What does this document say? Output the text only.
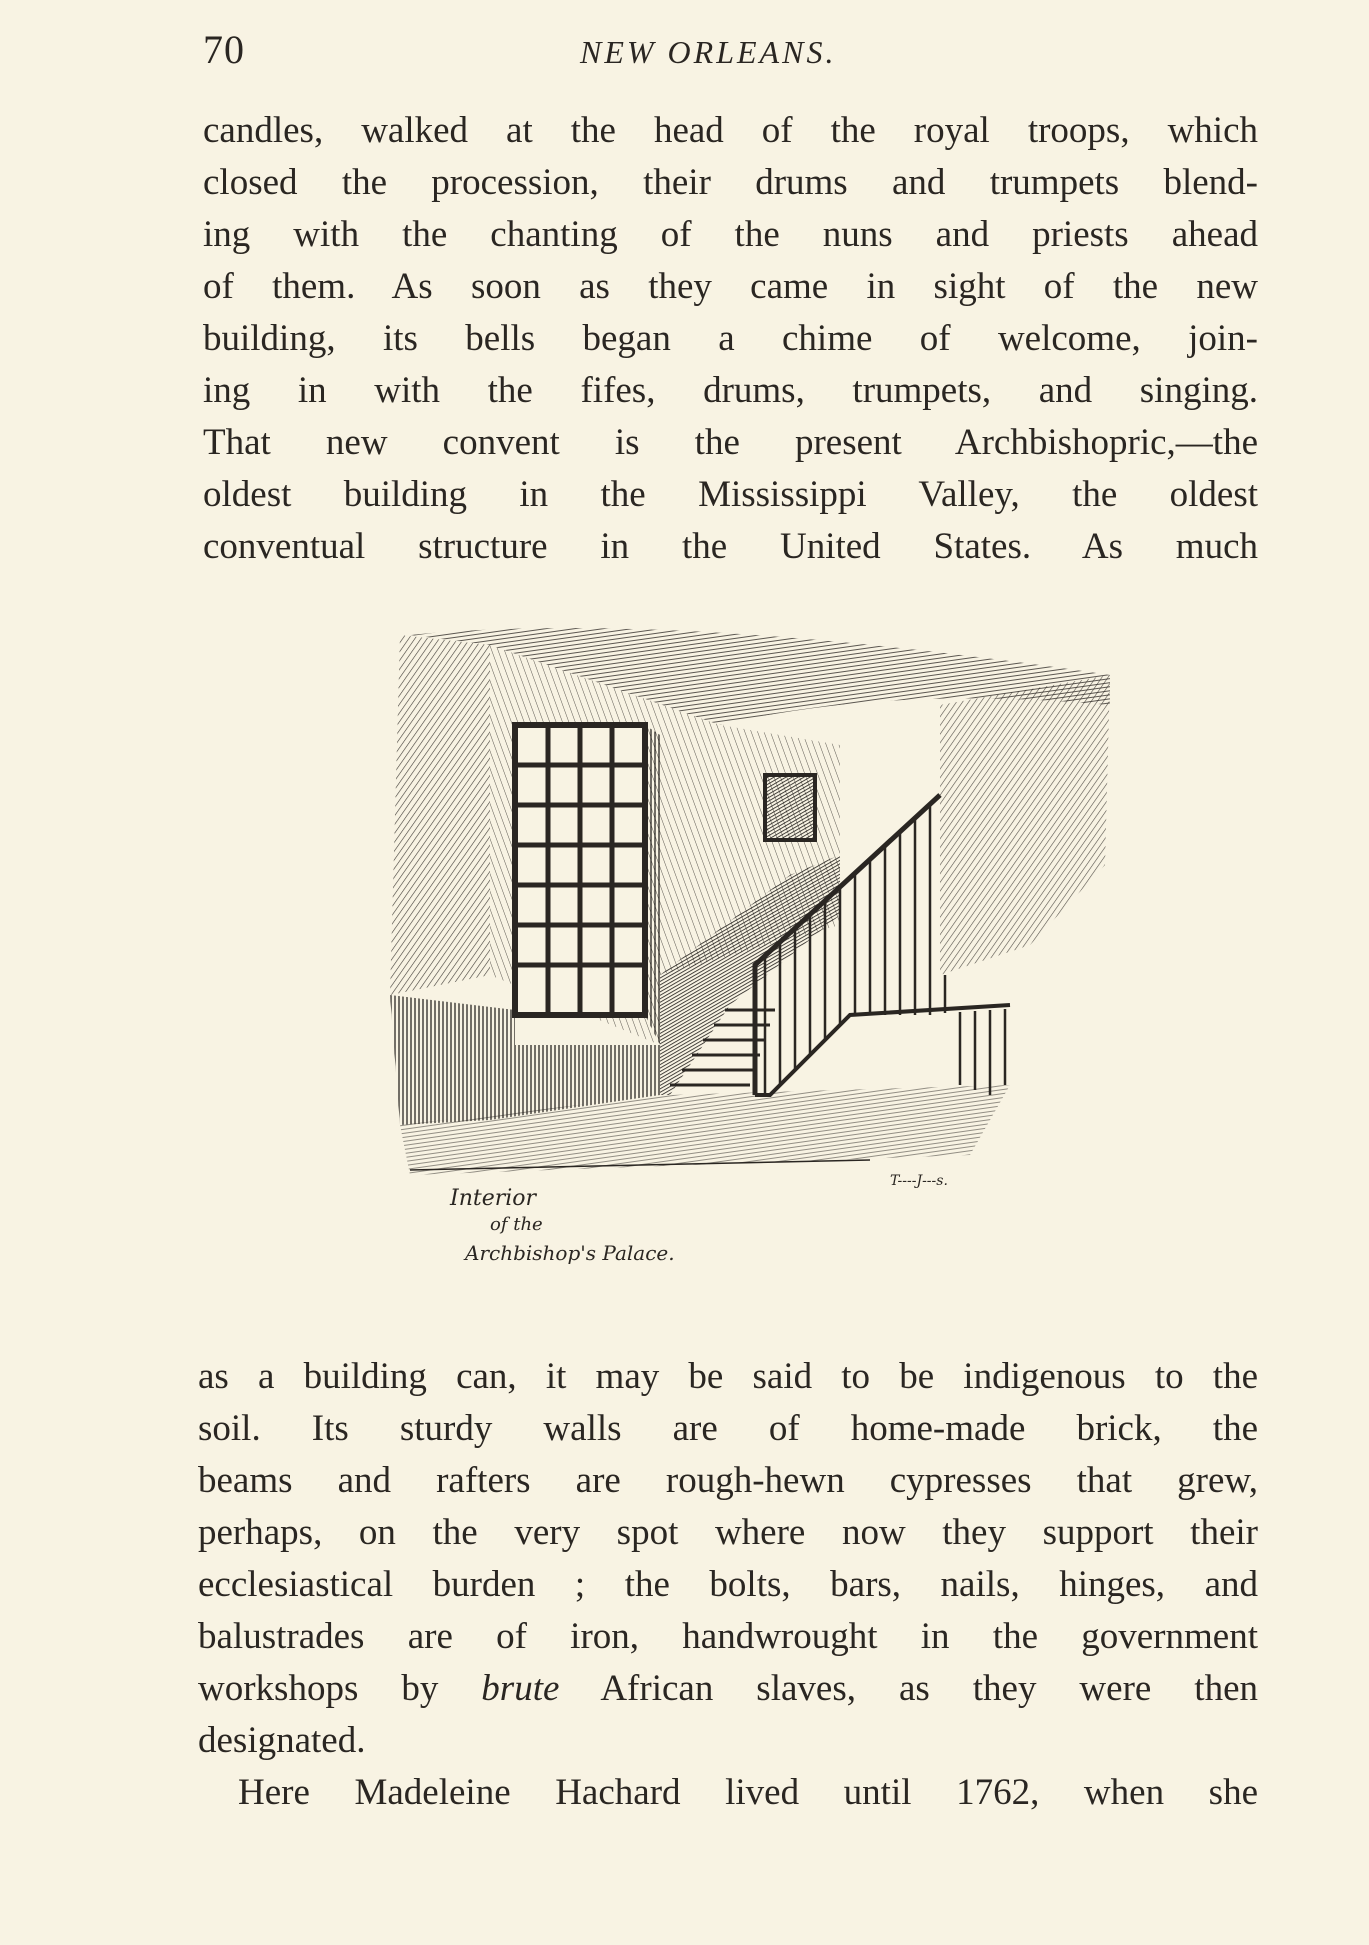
70	NEW ORLEANS.
candles, walked at the head of the royal troops, which
closed the procession, their drums and trumpets blend-
ing with the chanting of the nuns and priests ahead
of them. As soon as they came in sight of the new
building, its bells began a chime of welcome, join-
ing in with the fifes, drums, trumpets, and singing.
That new convent is the present Archbishopric,—the
oldest building in the Mississippi Valley, the oldest
conventual structure in the United States. As much
Interior
of the
Archbishop's Palace.
T----J---s.
as a building can, it may be said to be indigenous to the
soil. Its sturdy walls are of home-made brick, the
beams and rafters are rough-hewn cypresses that grew,
perhaps, on the very spot where now they support their
ecclesiastical burden ; the bolts, bars, nails, hinges, and
balustrades are of iron, handwrought in the government
workshops by brute African slaves, as they were then
designated.
Here Madeleine Hachard lived until 1762, when she
